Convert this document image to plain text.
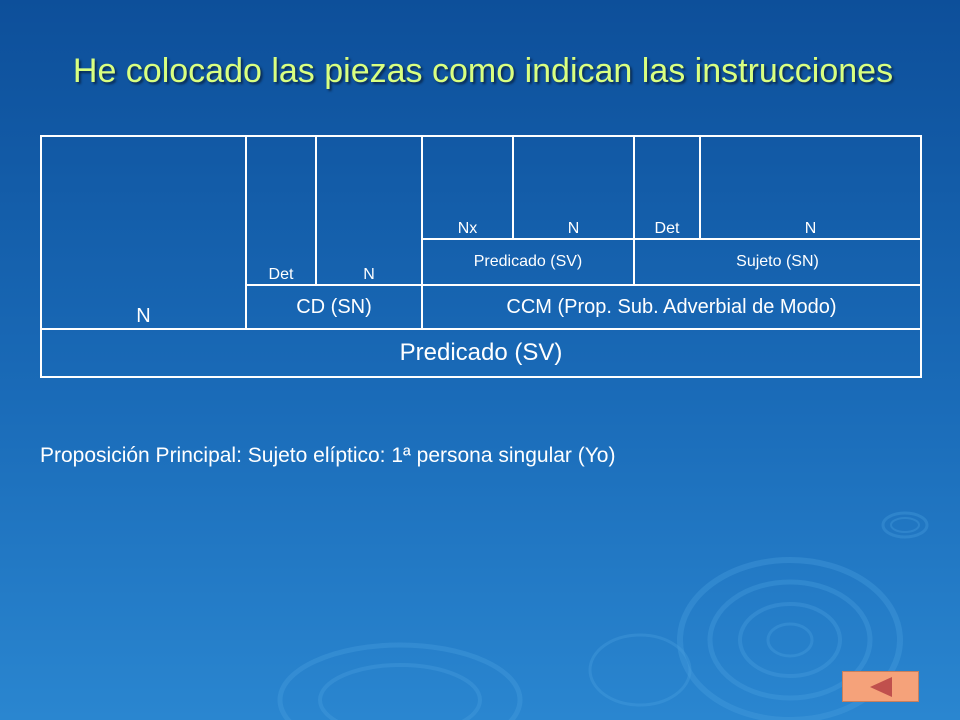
He colocado las piezas como indican las instrucciones
N	Det	N	Nx	N	Det	N
			Predicado (SV)		Sujeto (SN)	
	CD (SN)		CCM (Prop. Sub. Adverbial de Modo)			
Predicado (SV)						
Proposición Principal: Sujeto elíptico: 1ª persona singular (Yo)
